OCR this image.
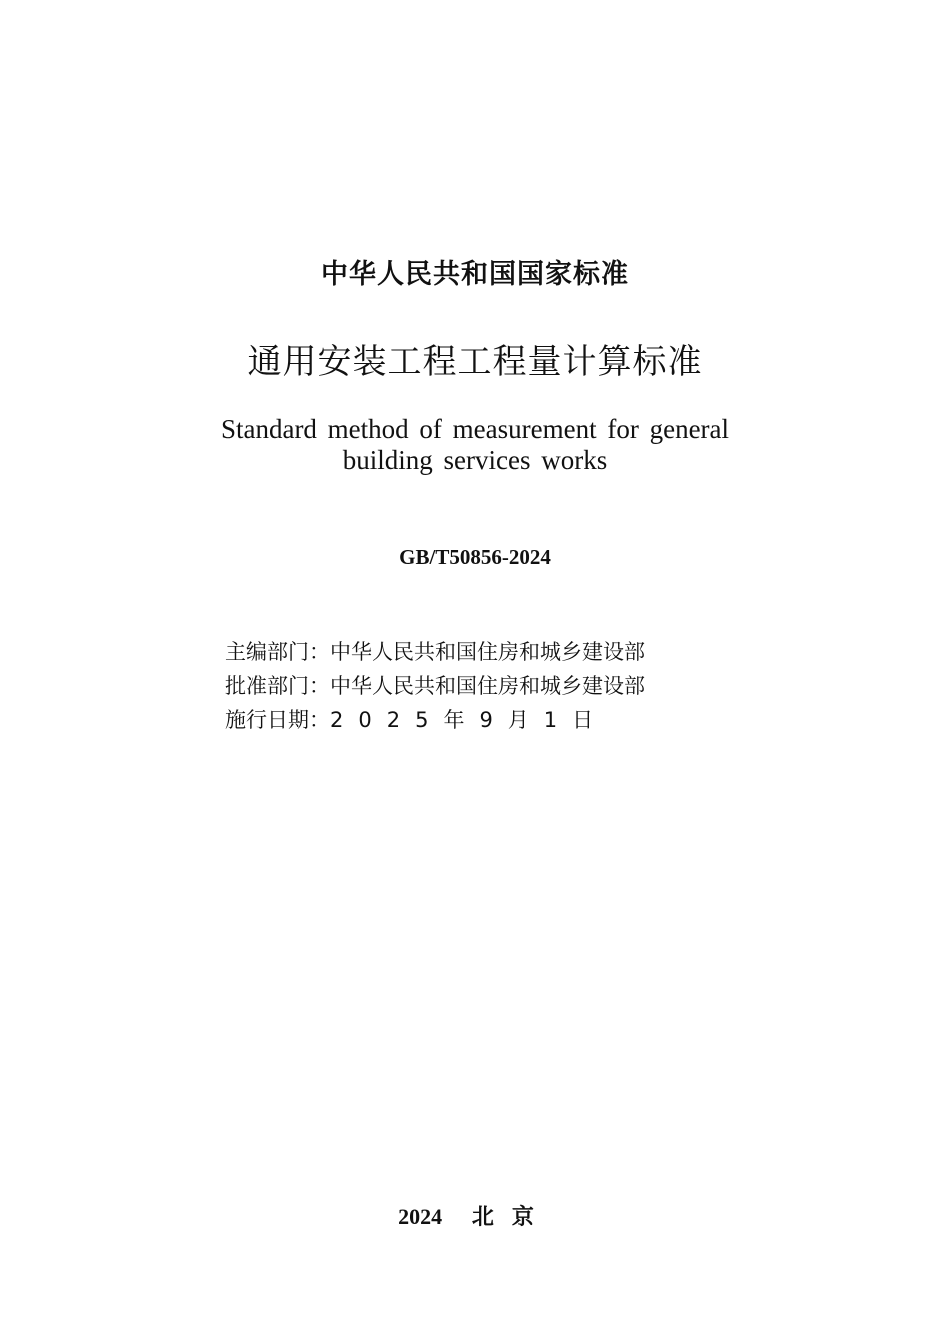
中华人民共和国国家标准
通用安装工程工程量计算标准
Standard method of measurement for general
building services works
GB/T50856-2024
主编部门： 中华人民共和国住房和城乡建设部
批准部门： 中华人民共和国住房和城乡建设部
施行日期： 2025年9月1日
2024 北京
